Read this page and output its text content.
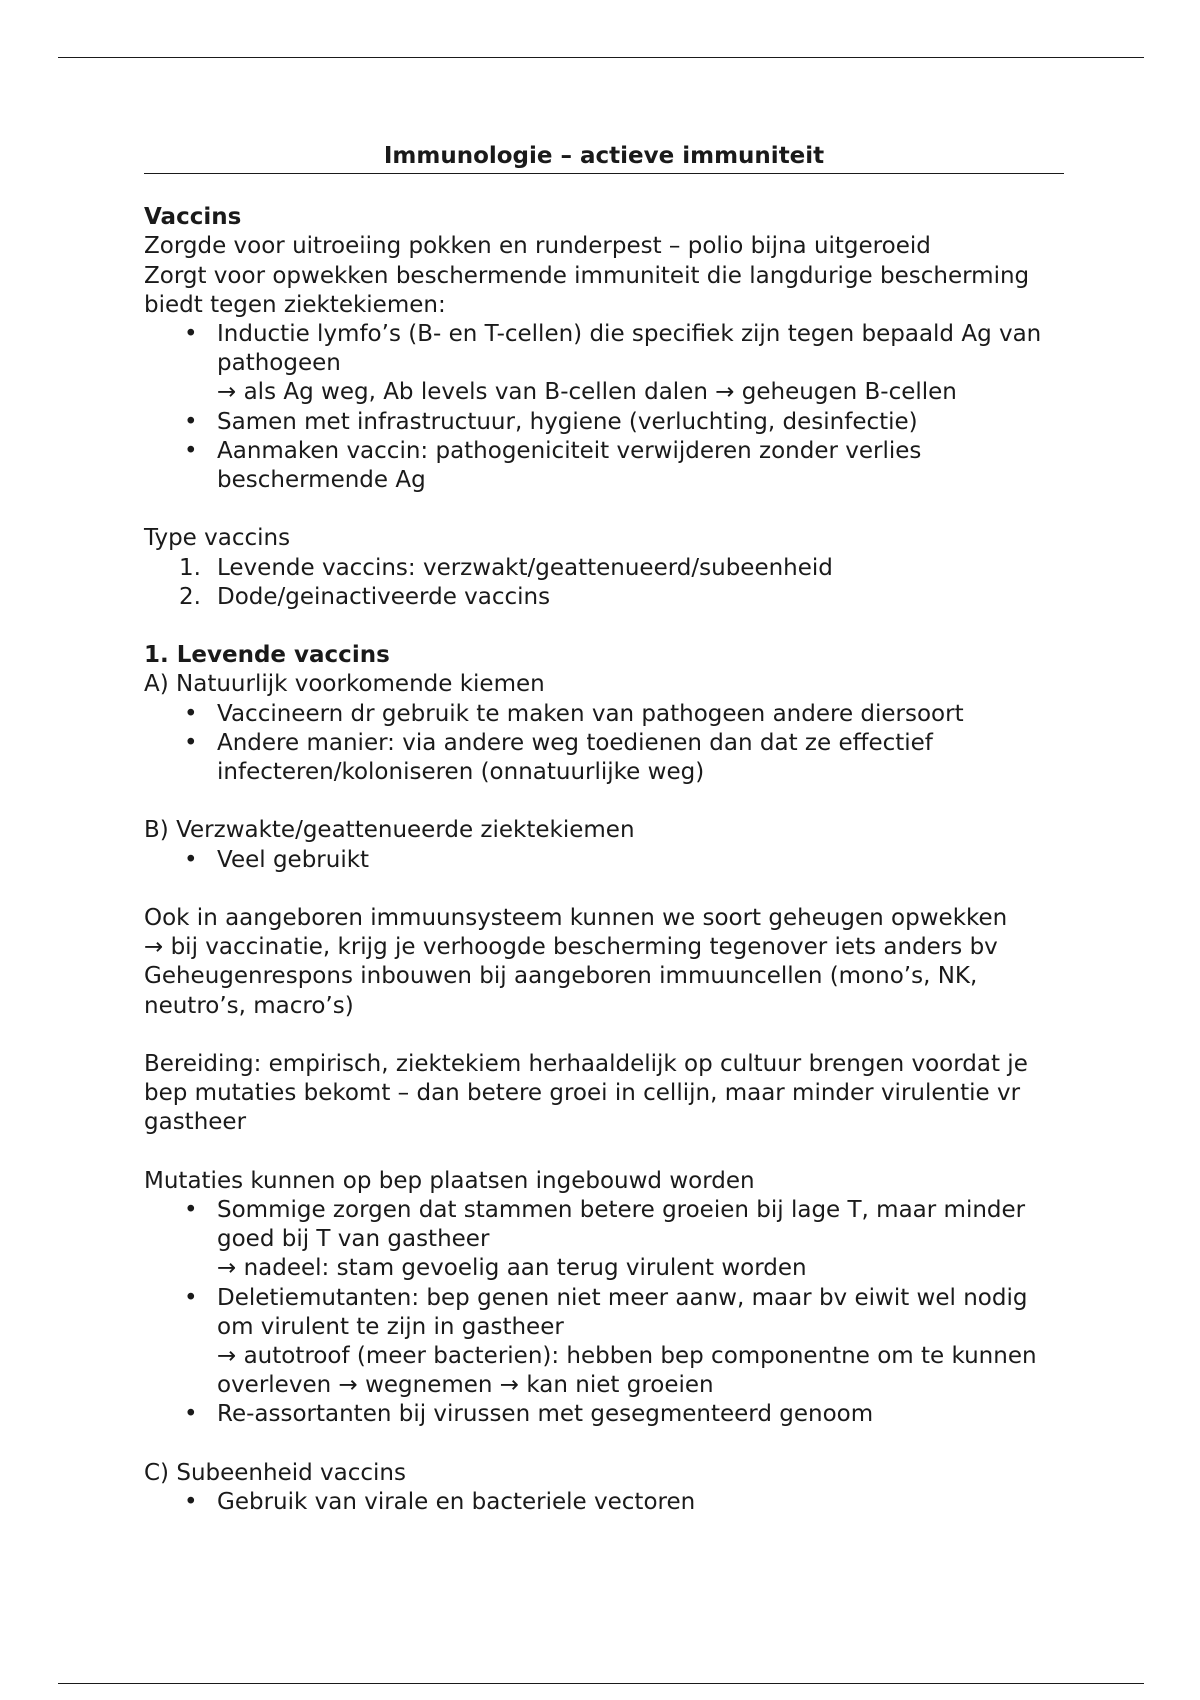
Immunologie – actieve immuniteit
Vaccins

Zorgde voor uitroeiing pokken en runderpest – polio bijna uitgeroeid

Zorgt voor opwekken beschermende immuniteit die langdurige bescherming biedt tegen ziektekiemen:

• Inductie lymfo’s (B- en T-cellen) die specifiek zijn tegen bepaald Ag van pathogeen
→ als Ag weg, Ab levels van B-cellen dalen → geheugen B-cellen
• Samen met infrastructuur, hygiene (verluchting, desinfectie)
• Aanmaken vaccin: pathogeniciteit verwijderen zonder verlies beschermende Ag

Type vaccins

1. Levende vaccins: verzwakt/geattenueerd/subeenheid
2. Dode/geinactiveerde vaccins
1. Levende vaccins

A) Natuurlijk voorkomende kiemen

• Vaccineern dr gebruik te maken van pathogeen andere diersoort
• Andere manier: via andere weg toedienen dan dat ze effectief infecteren/koloniseren (onnatuurlijke weg)

B) Verzwakte/geattenueerde ziektekiemen

• Veel gebruikt
Ook in aangeboren immuunsysteem kunnen we soort geheugen opwekken
→ bij vaccinatie, krijg je verhoogde bescherming tegenover iets anders bv
Geheugenrespons inbouwen bij aangeboren immuuncellen (mono’s, NK, neutro’s, macro’s)

Bereiding: empirisch, ziektekiem herhaaldelijk op cultuur brengen voordat je bep mutaties bekomt – dan betere groei in cellijn, maar minder virulentie vr gastheer

Mutaties kunnen op bep plaatsen ingebouwd worden

• Sommige zorgen dat stammen betere groeien bij lage T, maar minder goed bij T van gastheer
→ nadeel: stam gevoelig aan terug virulent worden
• Deletiemutanten: bep genen niet meer aanw, maar bv eiwit wel nodig om virulent te zijn in gastheer
→ autotroof (meer bacterien): hebben bep componentne om te kunnen overleven → wegnemen → kan niet groeien
• Re-assortanten bij virussen met gesegmenteerd genoom

C) Subeenheid vaccins

• Gebruik van virale en bacteriele vectoren
